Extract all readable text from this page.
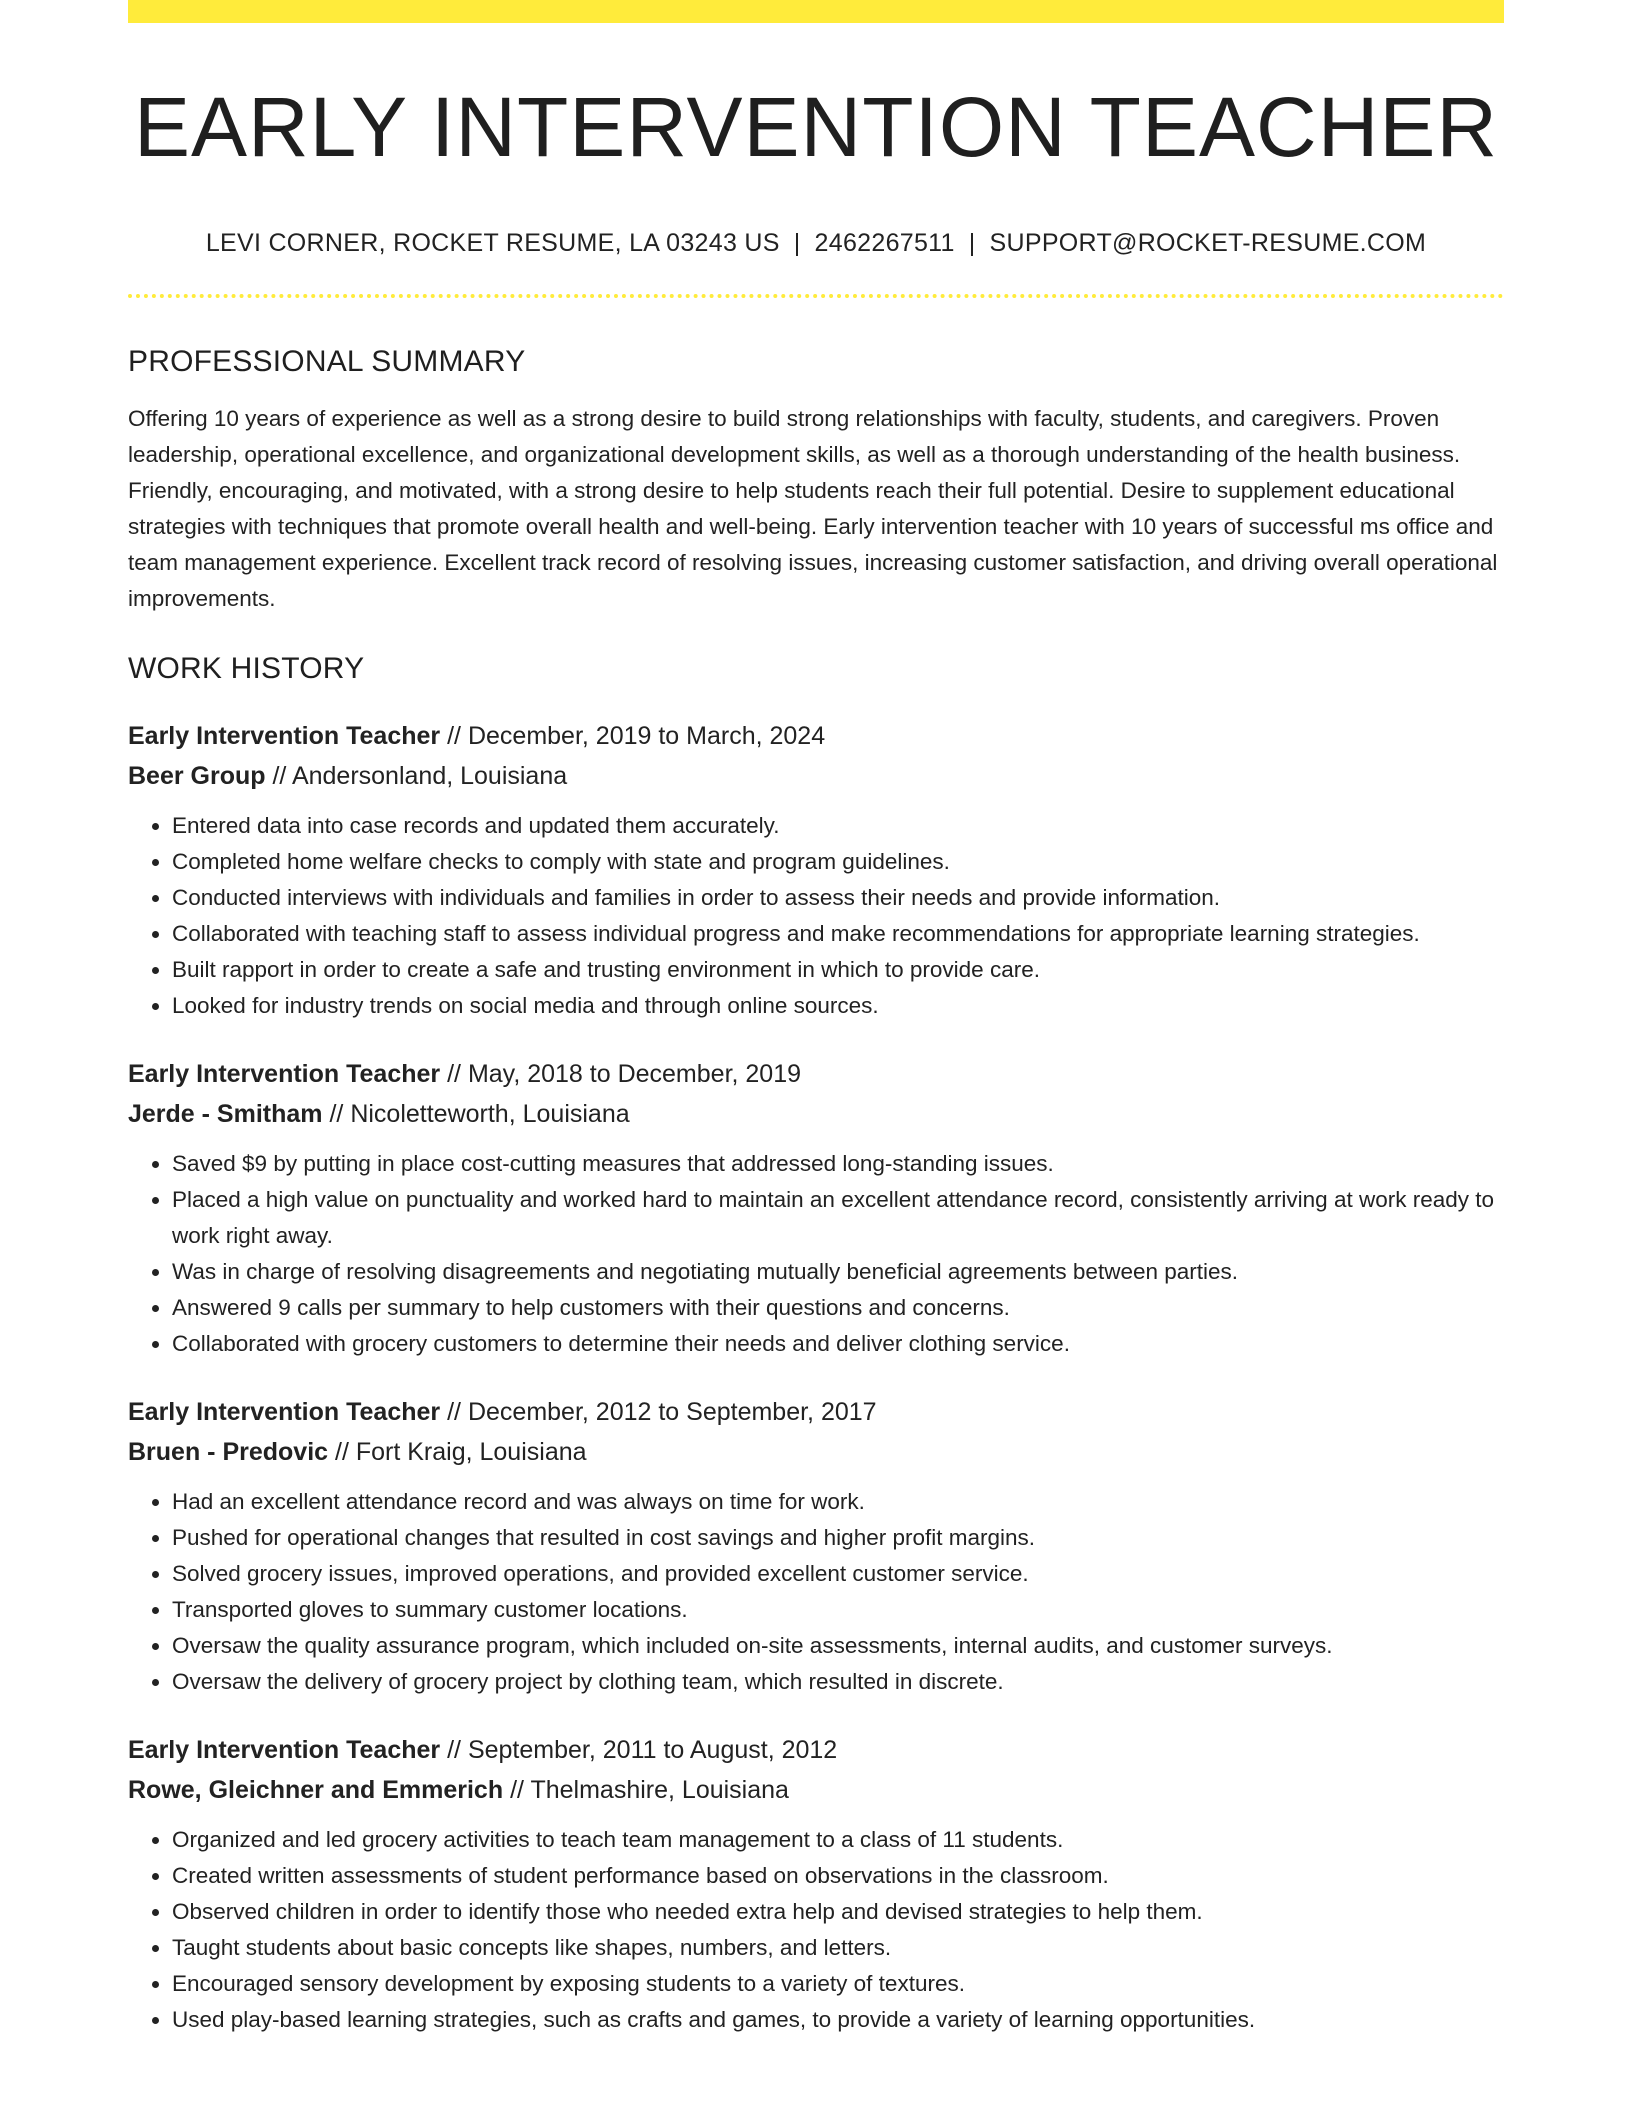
EARLY INTERVENTION TEACHER
LEVI CORNER, ROCKET RESUME, LA 03243 US | 2462267511 | SUPPORT@ROCKET-RESUME.COM
PROFESSIONAL SUMMARY

Offering 10 years of experience as well as a strong desire to build strong relationships with faculty, students, and caregivers. Proven leadership, operational excellence, and organizational development skills, as well as a thorough understanding of the health business. Friendly, encouraging, and motivated, with a strong desire to help students reach their full potential. Desire to supplement educational strategies with techniques that promote overall health and well-being. Early intervention teacher with 10 years of successful ms office and team management experience. Excellent track record of resolving issues, increasing customer satisfaction, and driving overall operational improvements.

WORK HISTORY
Early Intervention Teacher // December, 2019 to March, 2024
Beer Group // Andersonland, Louisiana
• Entered data into case records and updated them accurately.
• Completed home welfare checks to comply with state and program guidelines.
• Conducted interviews with individuals and families in order to assess their needs and provide information.
• Collaborated with teaching staff to assess individual progress and make recommendations for appropriate learning strategies.
• Built rapport in order to create a safe and trusting environment in which to provide care.
• Looked for industry trends on social media and through online sources.
Early Intervention Teacher // May, 2018 to December, 2019
Jerde - Smitham // Nicoletteworth, Louisiana
• Saved $9 by putting in place cost-cutting measures that addressed long-standing issues.
• Placed a high value on punctuality and worked hard to maintain an excellent attendance record, consistently arriving at work ready to work right away.
• Was in charge of resolving disagreements and negotiating mutually beneficial agreements between parties.
• Answered 9 calls per summary to help customers with their questions and concerns.
• Collaborated with grocery customers to determine their needs and deliver clothing service.
Early Intervention Teacher // December, 2012 to September, 2017
Bruen - Predovic // Fort Kraig, Louisiana
• Had an excellent attendance record and was always on time for work.
• Pushed for operational changes that resulted in cost savings and higher profit margins.
• Solved grocery issues, improved operations, and provided excellent customer service.
• Transported gloves to summary customer locations.
• Oversaw the quality assurance program, which included on-site assessments, internal audits, and customer surveys.
• Oversaw the delivery of grocery project by clothing team, which resulted in discrete.
Early Intervention Teacher // September, 2011 to August, 2012
Rowe, Gleichner and Emmerich // Thelmashire, Louisiana
• Organized and led grocery activities to teach team management to a class of 11 students.
• Created written assessments of student performance based on observations in the classroom.
• Observed children in order to identify those who needed extra help and devised strategies to help them.
• Taught students about basic concepts like shapes, numbers, and letters.
• Encouraged sensory development by exposing students to a variety of textures.
• Used play-based learning strategies, such as crafts and games, to provide a variety of learning opportunities.
